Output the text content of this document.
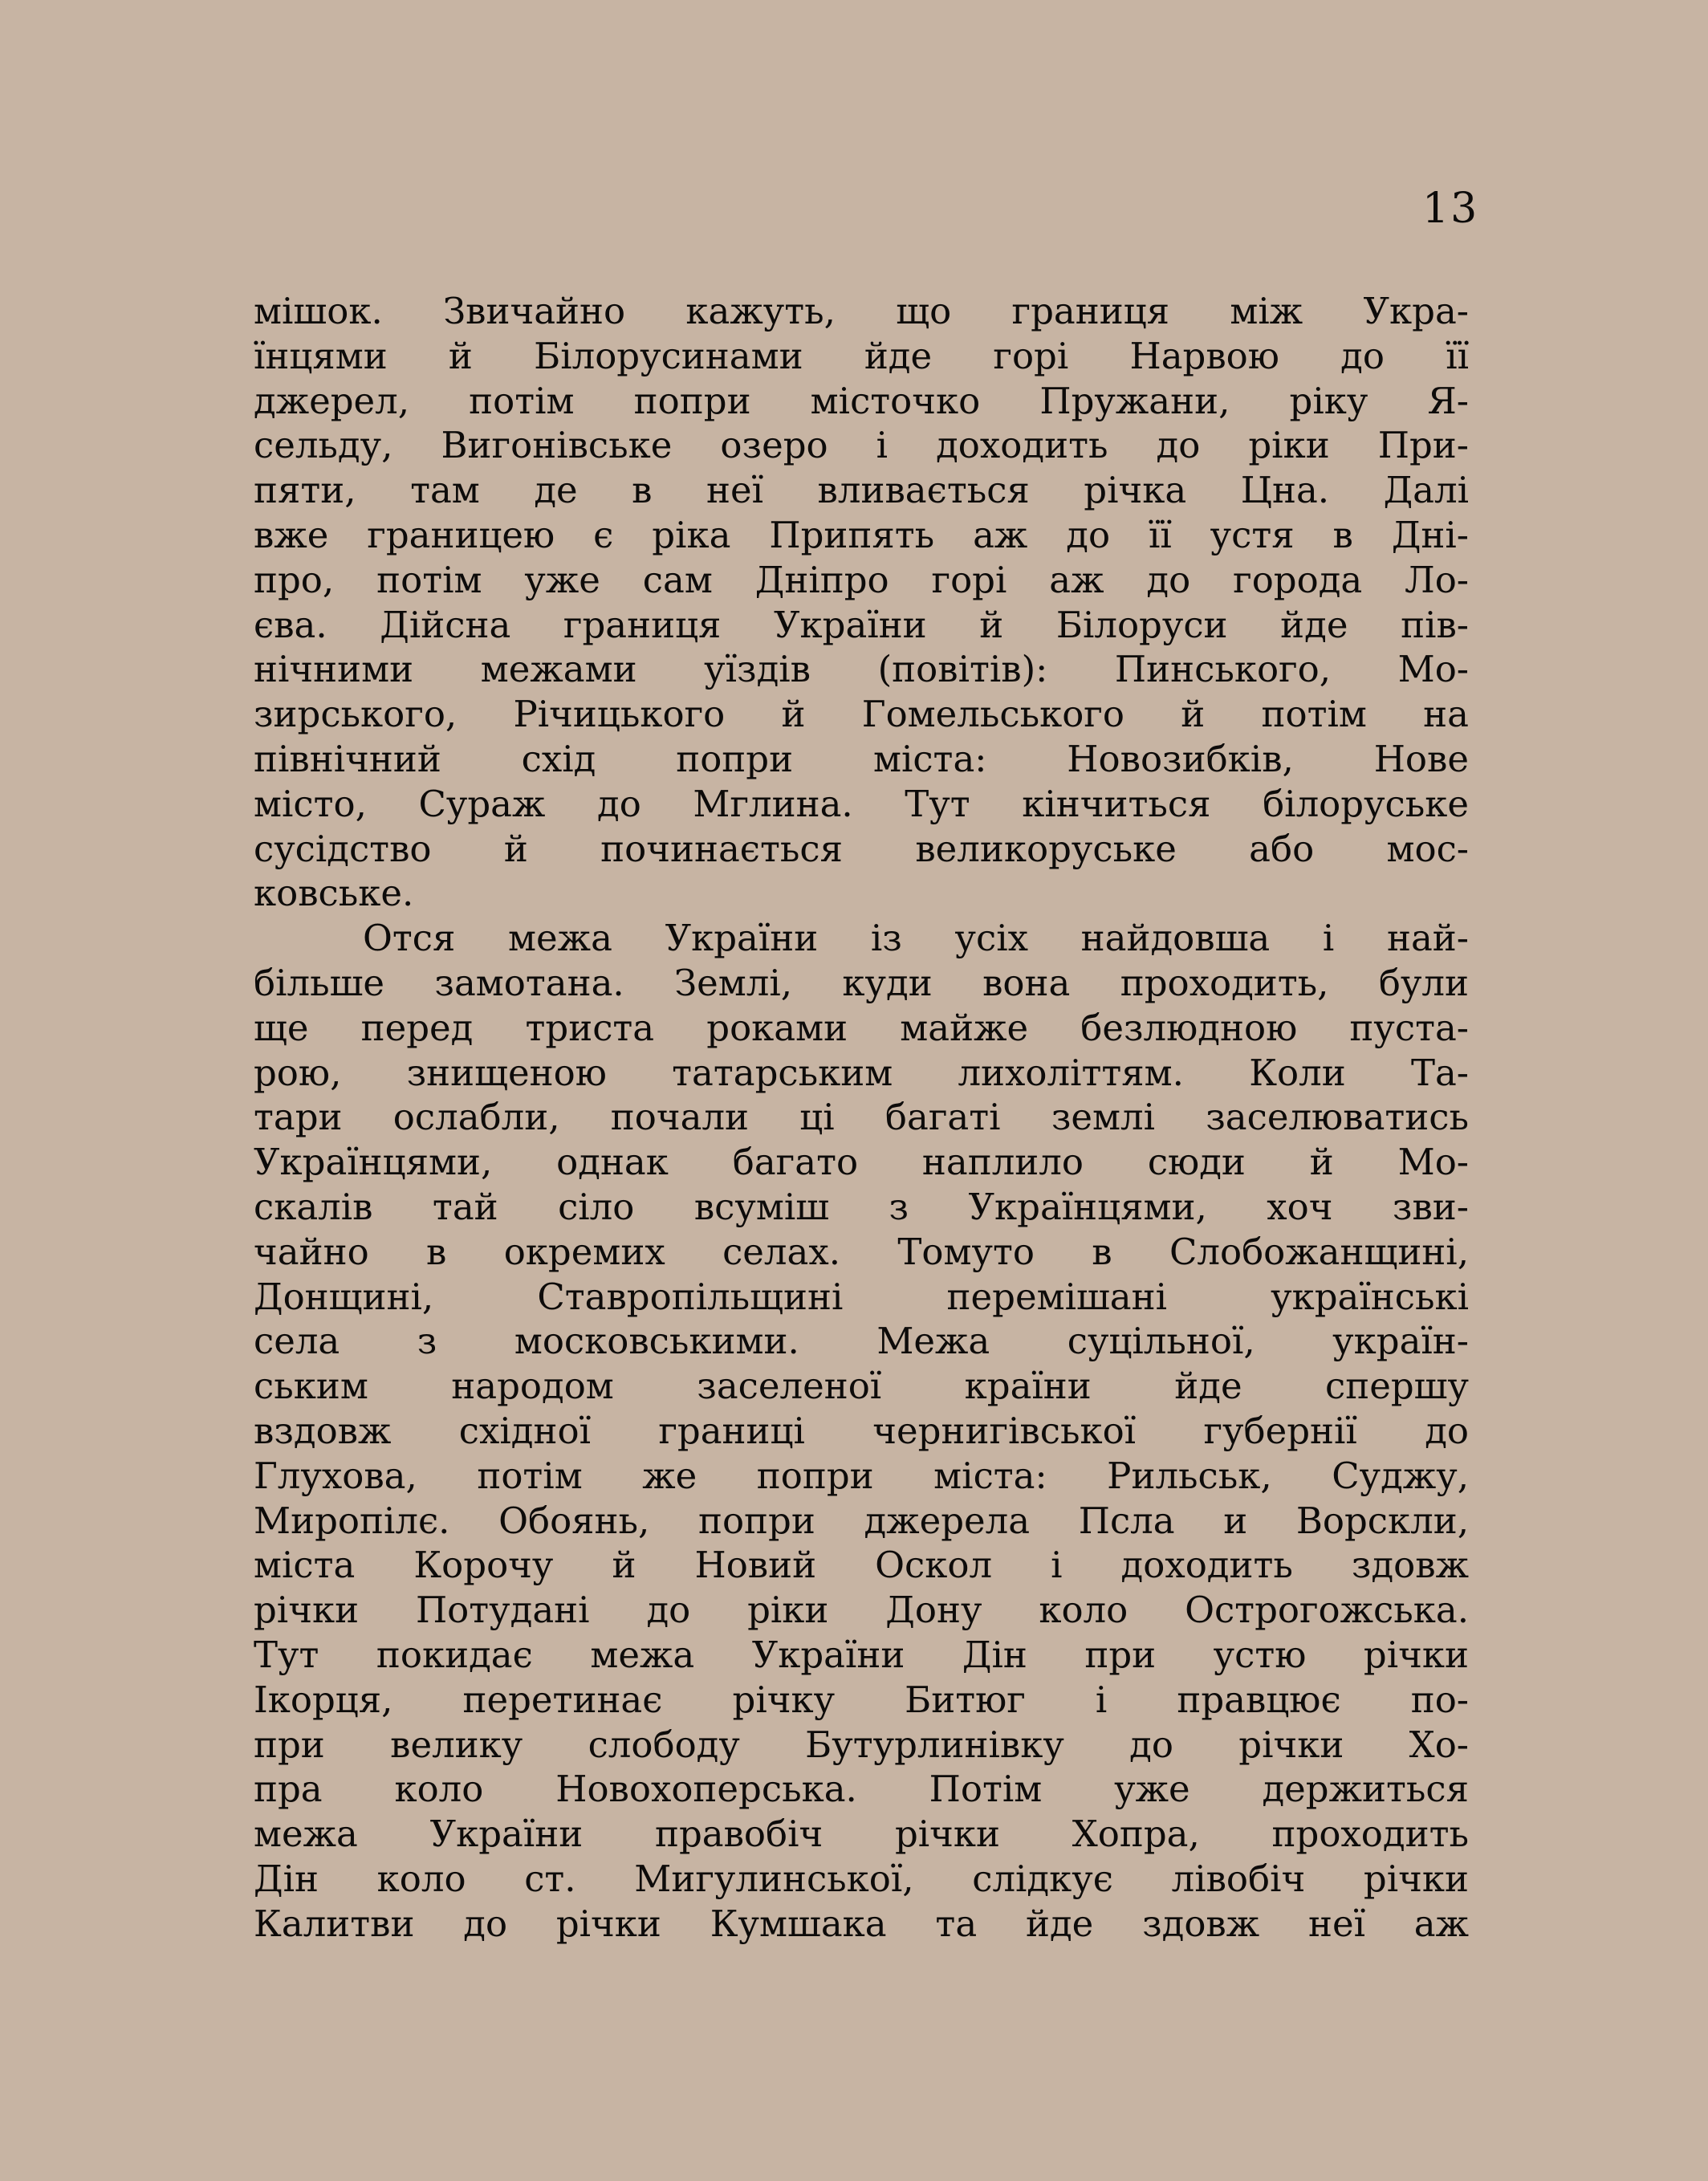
13
мішок. Звичайно кажуть, що границя між Укра-
їнцями й Білорусинами йде горі Нарвою до її
джерел, потім попри місточко Пружани, ріку Я-
сельду, Вигонівське озеро і доходить до ріки При-
пяти, там де в неї вливається річка Цна. Далі
вже границею є ріка Припять аж до її устя в Дні-
про, потім уже сам Дніпро горі аж до города Ло-
єва. Дійсна границя України й Білоруси йде пів-
нічними межами уїздів (повітів): Пинського, Мо-
зирського, Річицького й Гомельського й потім на
північний схід попри міста: Новозибків, Нове
місто, Сураж до Мглина. Тут кінчиться білоруське
сусідство й починається великоруське або мос-
ковське.
Отся межа України із усіх найдовша і най-
більше замотана. Землі, куди вона проходить, були
ще перед триста роками майже безлюдною пуста-
рою, знищеною татарським лихоліттям. Коли Та-
тари ослабли, почали ці багаті землі заселюватись
Українцями, однак багато наплило сюди й Мо-
скалів тай сіло всуміш з Українцями, хоч зви-
чайно в окремих селах. Томуто в Слобожанщині,
Донщині, Ставропільщині перемішані українські
села з московськими. Межа суцільної, україн-
ським народом заселеної країни йде спершу
вздовж східної границі чернигівської губернії до
Глухова, потім же попри міста: Рильськ, Суджу,
Миропілє. Обоянь, попри джерела Псла и Ворскли,
міста Корочу й Новий Оскол і доходить здовж
річки Потудані до ріки Дону коло Острогожська.
Тут покидає межа України Дін при устю річки
Ікорця, перетинає річку Битюг і правцює по-
при велику слободу Бутурлинівку до річки Хо-
пра коло Новохоперська. Потім уже держиться
межа України правобіч річки Хопра, проходить
Дін коло ст. Мигулинської, слідкує лівобіч річки
Калитви до річки Кумшака та йде здовж неї аж
